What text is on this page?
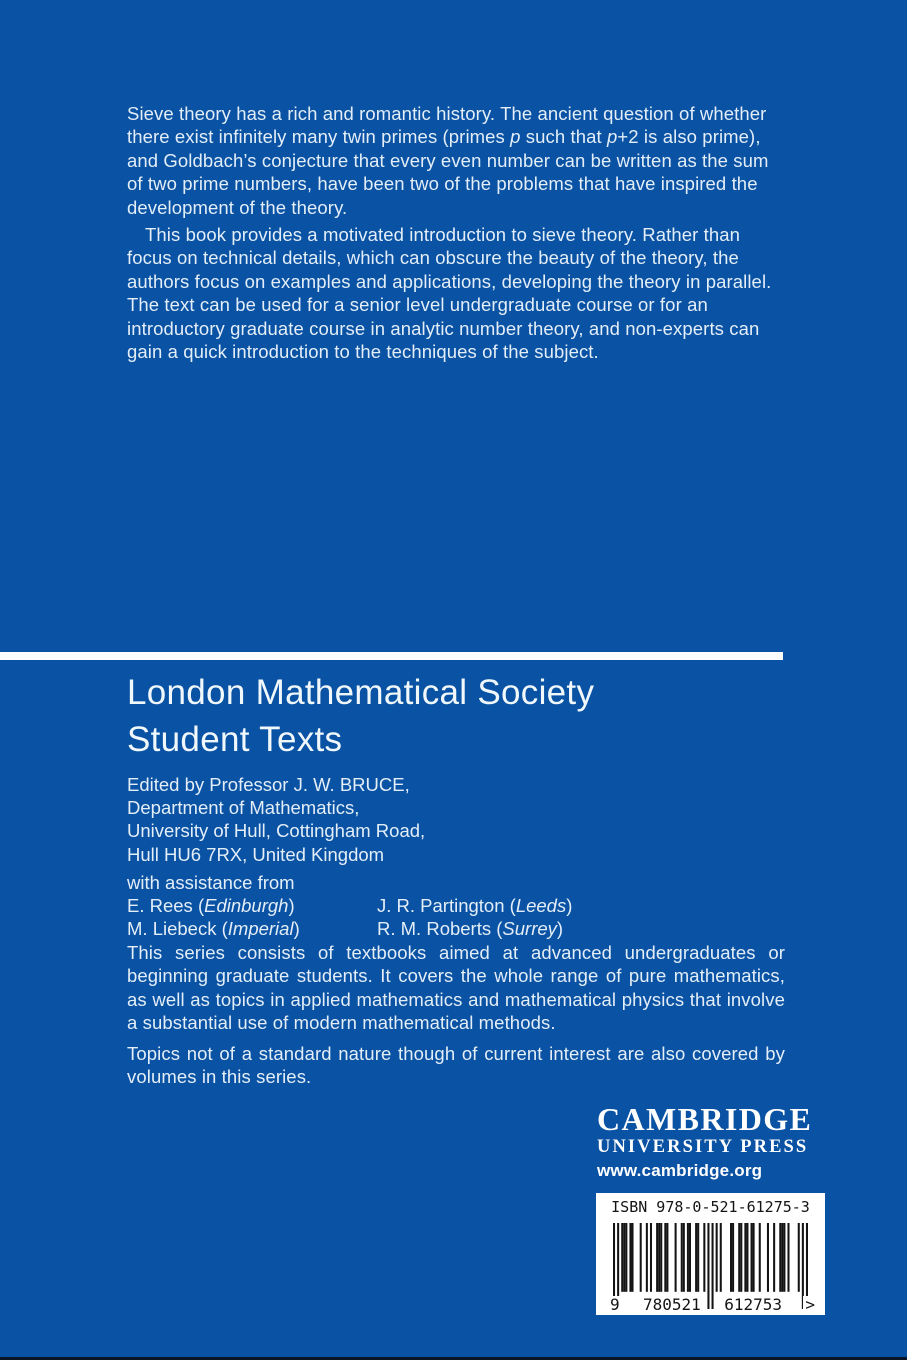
Sieve theory has a rich and romantic history. The ancient question of whether there exist infinitely many twin primes (primes p such that p+2 is also prime), and Goldbach’s conjecture that every even number can be written as the sum of two prime numbers, have been two of the problems that have inspired the development of the theory.

This book provides a motivated introduction to sieve theory. Rather than focus on technical details, which can obscure the beauty of the theory, the authors focus on examples and applications, developing the theory in parallel. The text can be used for a senior level undergraduate course or for an introductory graduate course in analytic number theory, and non-experts can gain a quick introduction to the techniques of the subject.

London Mathematical Society
Student Texts
Edited by Professor J. W. BRUCE,
Department of Mathematics,
University of Hull, Cottingham Road,
Hull HU6 7RX, United Kingdom
with assistance from
E. Rees (Edinburgh)	J. R. Partington (Leeds)
M. Liebeck (Imperial)	R. M. Roberts (Surrey)

This series consists of textbooks aimed at advanced undergraduates or beginning graduate students. It covers the whole range of pure mathematics, as well as topics in applied mathematics and mathematical physics that involve a substantial use of modern mathematical methods.

Topics not of a standard nature though of current interest are also covered by volumes in this series.

CAMBRIDGE
UNIVERSITY PRESS
www.cambridge.org
ISBN 978-0-521-61275-3
9 780521 612753 >
